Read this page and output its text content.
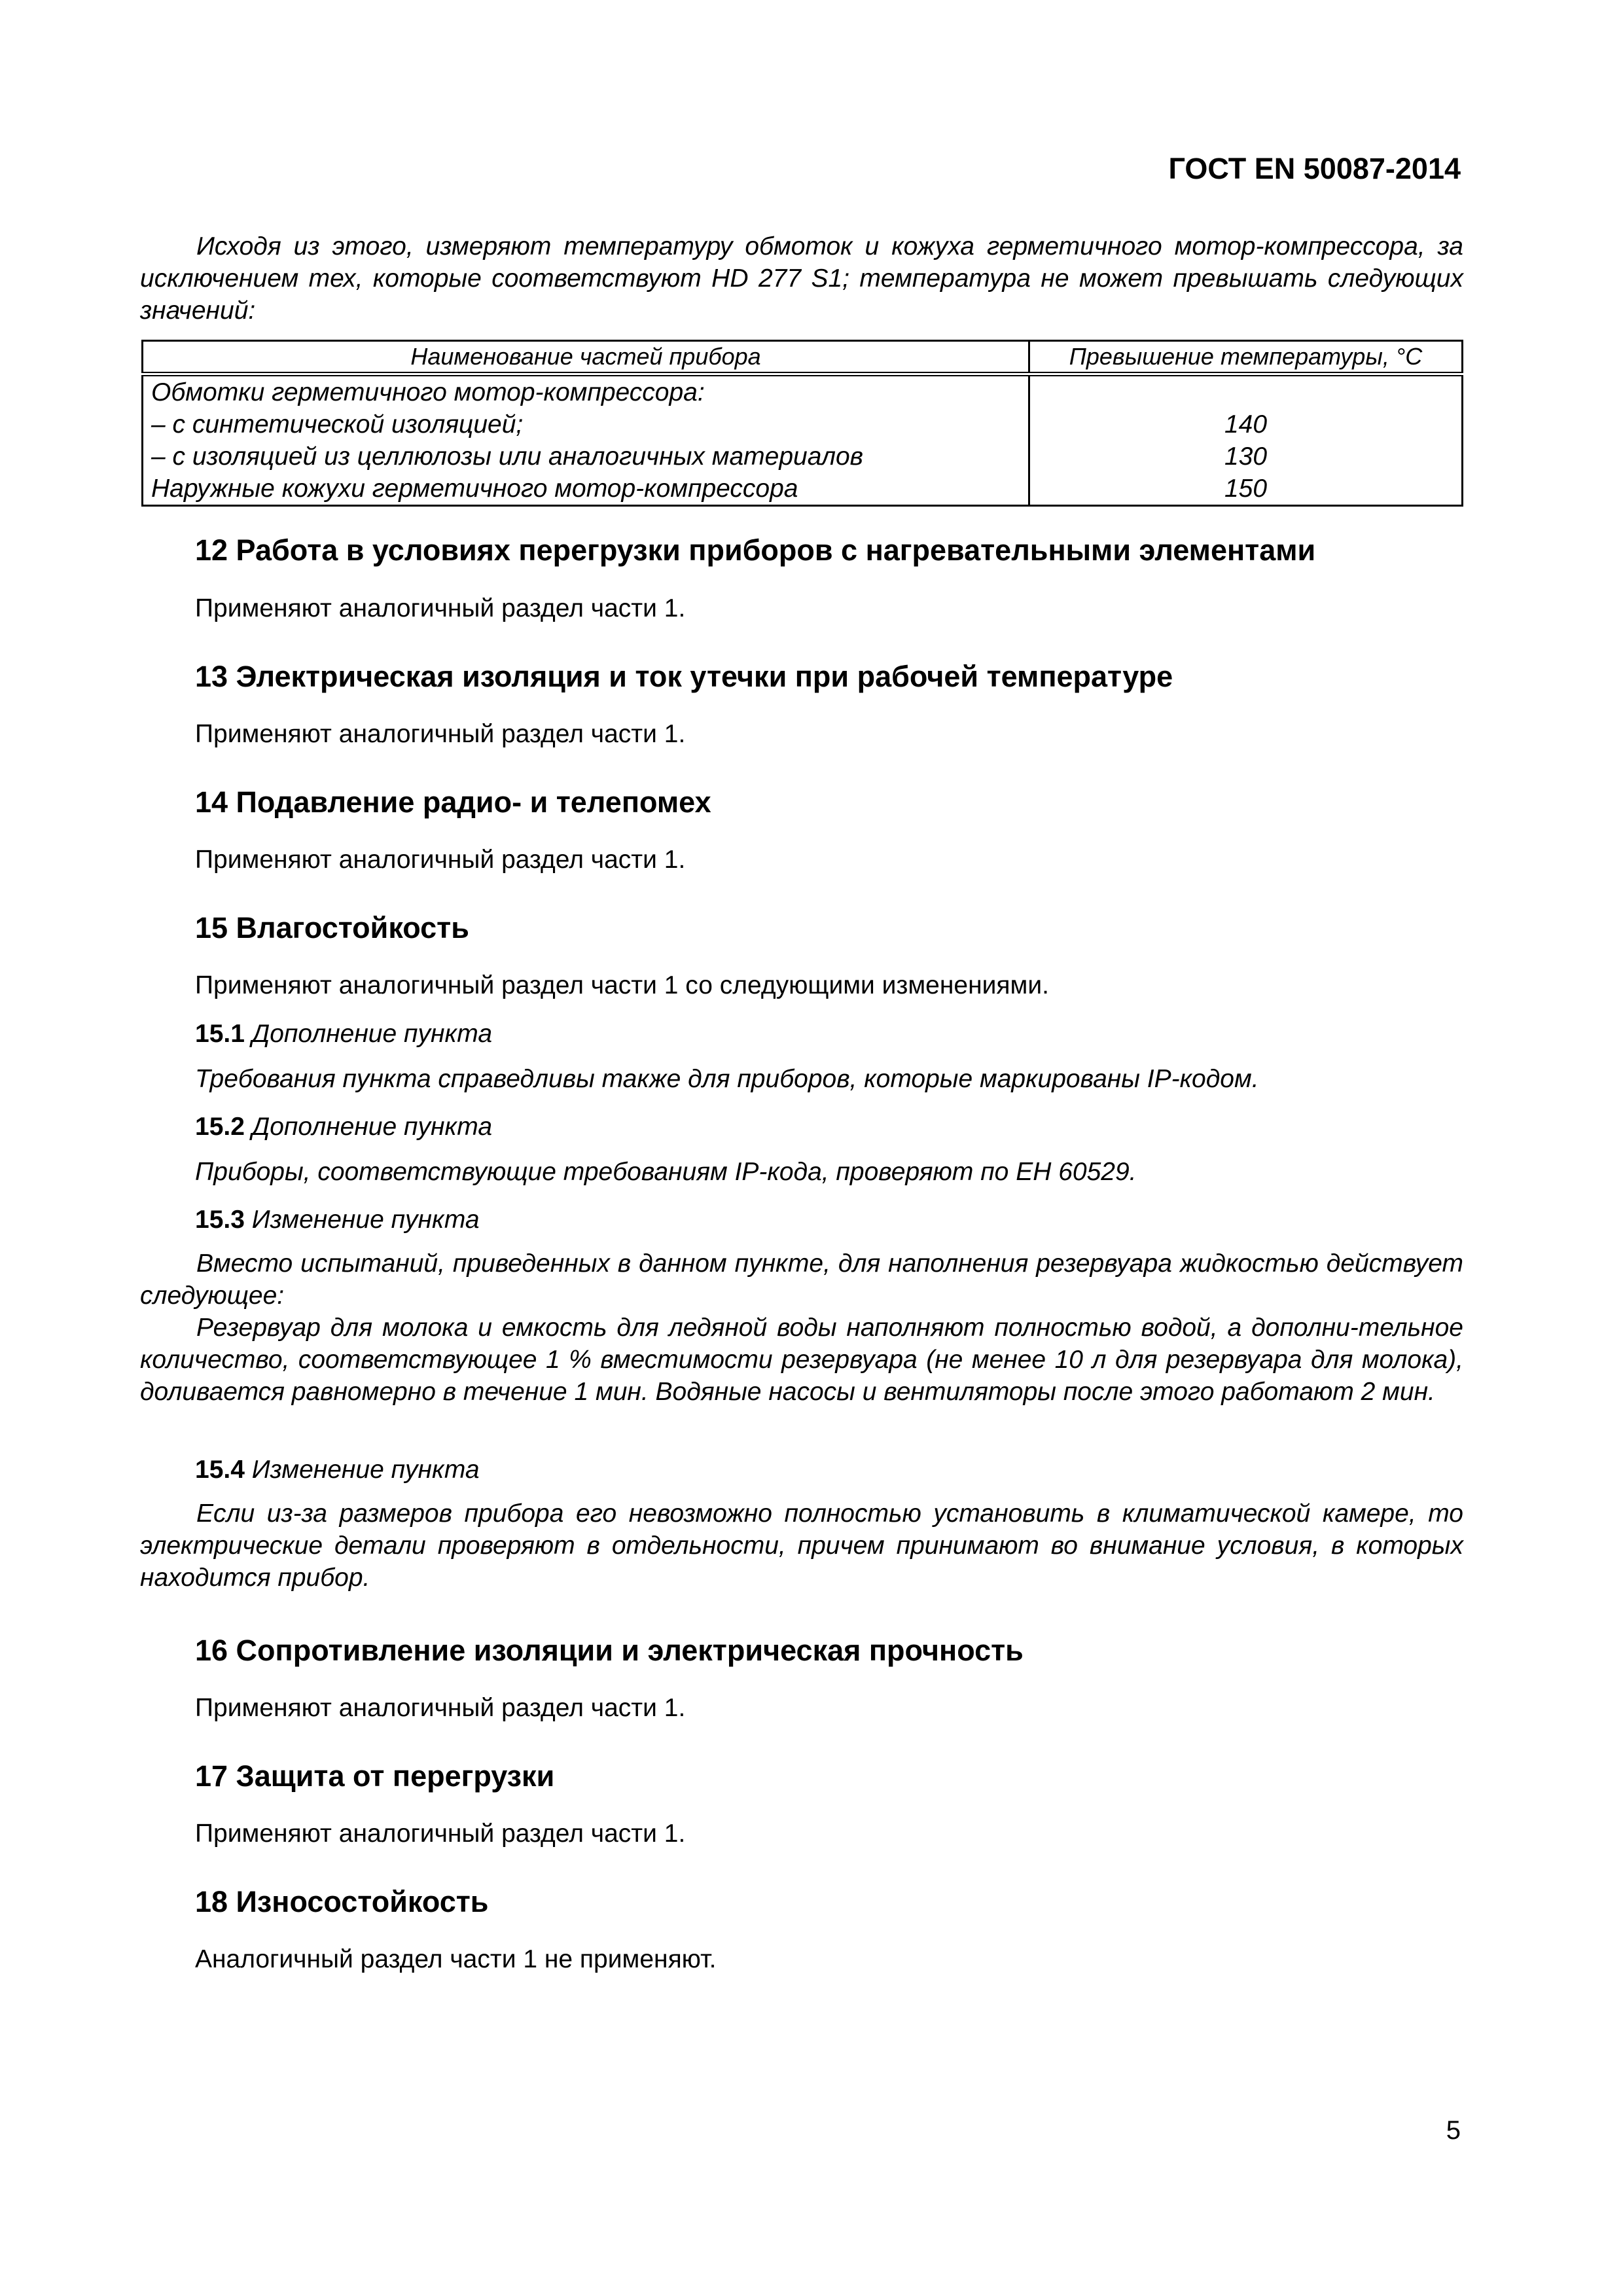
ГОСТ EN 50087-2014
Исходя из этого, измеряют температуру обмоток и кожуха герметичного мотор-компрессора, за исключением тех, которые соответствуют HD 277 S1; температура не может превышать следующих значений:
Наименование частей прибора	Превышение температуры, °C
Обмотки герметичного мотор-компрессора:	
– с синтетической изоляцией;	140
– с изоляцией из целлюлозы или аналогичных материалов	130
Наружные кожухи герметичного мотор-компрессора	150
12 Работа в условиях перегрузки приборов с нагревательными элементами
Применяют аналогичный раздел части 1.
13 Электрическая изоляция и ток утечки при рабочей температуре
Применяют аналогичный раздел части 1.
14 Подавление радио- и телепомех
Применяют аналогичный раздел части 1.
15 Влагостойкость
Применяют аналогичный раздел части 1 со следующими изменениями.
15.1 Дополнение пункта
Требования пункта справедливы также для приборов, которые маркированы IP-кодом.
15.2 Дополнение пункта
Приборы, соответствующие требованиям IP-кода, проверяют по ЕН 60529.
15.3 Изменение пункта
Вместо испытаний, приведенных в данном пункте, для наполнения резервуара жидкостью действует следующее:
Резервуар для молока и емкость для ледяной воды наполняют полностью водой, а дополни-тельное количество, соответствующее 1 % вместимости резервуара (не менее 10 л для резервуара для молока), доливается равномерно в течение 1 мин. Водяные насосы и вентиляторы после этого работают 2 мин.
15.4 Изменение пункта
Если из-за размеров прибора его невозможно полностью установить в климатической камере, то электрические детали проверяют в отдельности, причем принимают во внимание условия, в которых находится прибор.
16 Сопротивление изоляции и электрическая прочность
Применяют аналогичный раздел части 1.
17 Защита от перегрузки
Применяют аналогичный раздел части 1.
18 Износостойкость
Аналогичный раздел части 1 не применяют.
5
